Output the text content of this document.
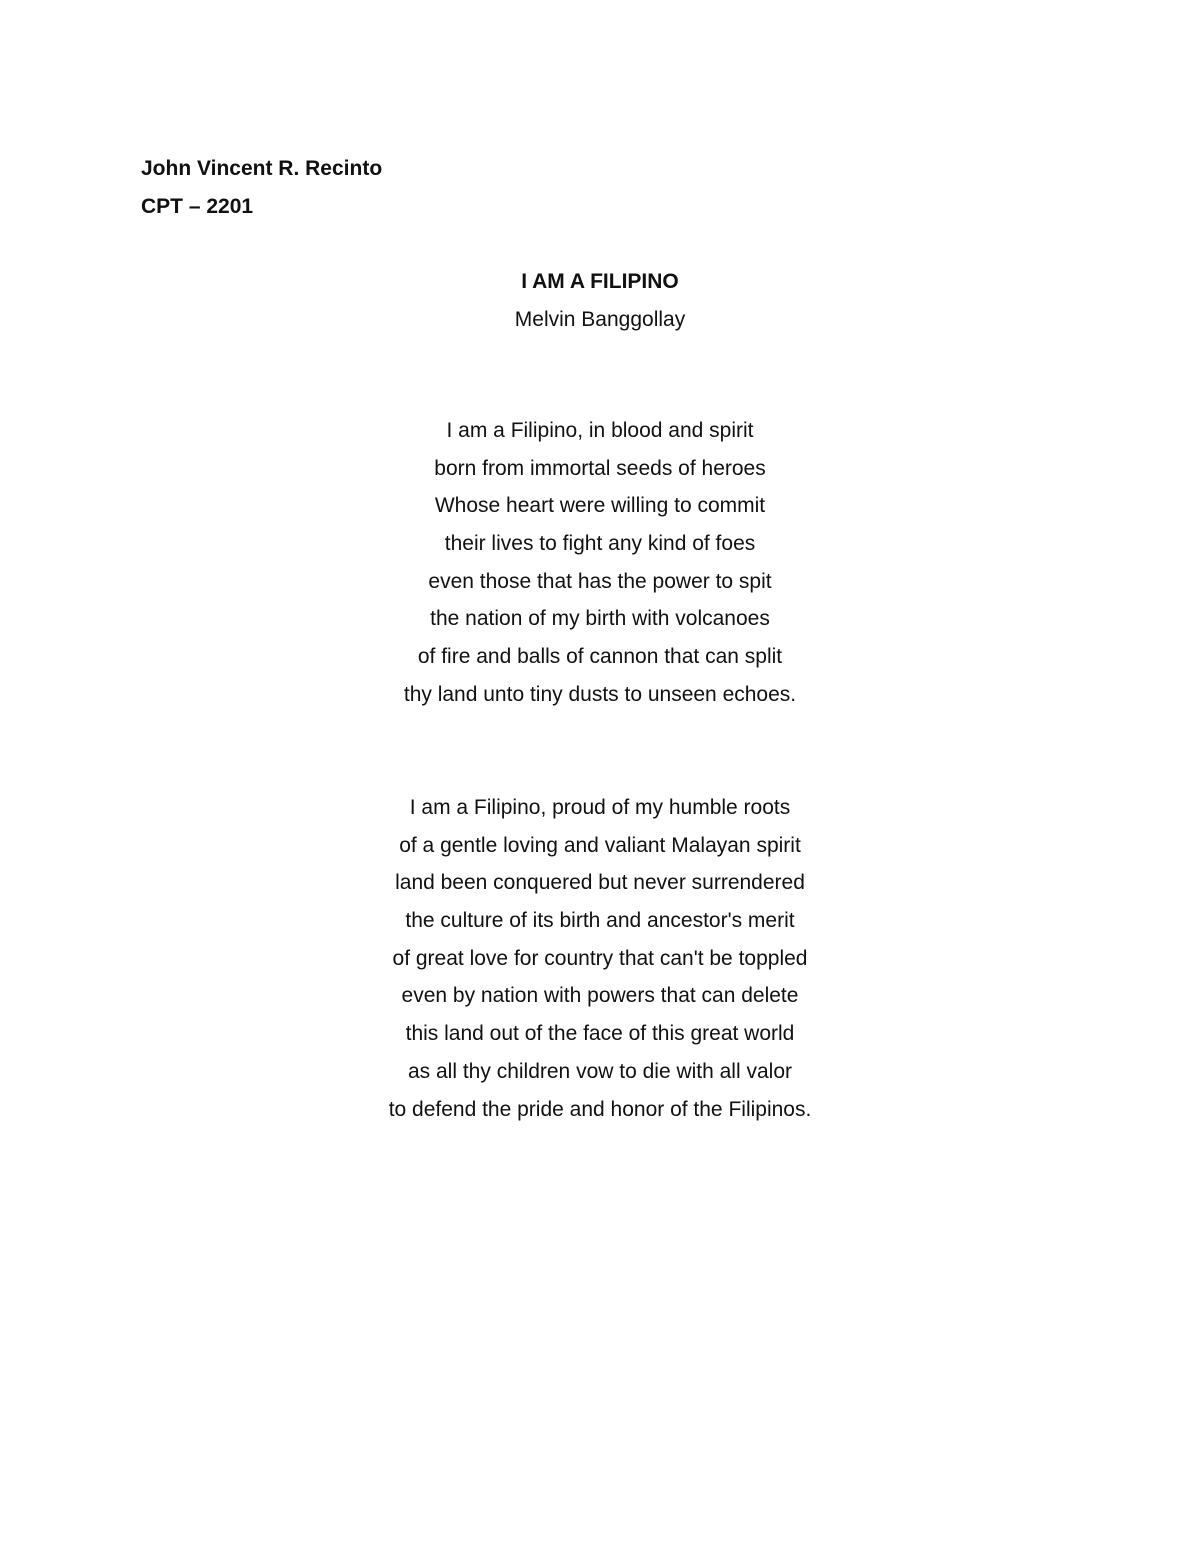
John Vincent R. Recinto
CPT – 2201
I AM A FILIPINO
Melvin Banggollay
I am a Filipino, in blood and spirit
born from immortal seeds of heroes
Whose heart were willing to commit
their lives to fight any kind of foes
even those that has the power to spit
the nation of my birth with volcanoes
of fire and balls of cannon that can split
thy land unto tiny dusts to unseen echoes.
I am a Filipino, proud of my humble roots
of a gentle loving and valiant Malayan spirit
land been conquered but never surrendered
the culture of its birth and ancestor's merit
of great love for country that can't be toppled
even by nation with powers that can delete
this land out of the face of this great world
as all thy children vow to die with all valor
to defend the pride and honor of the Filipinos.
